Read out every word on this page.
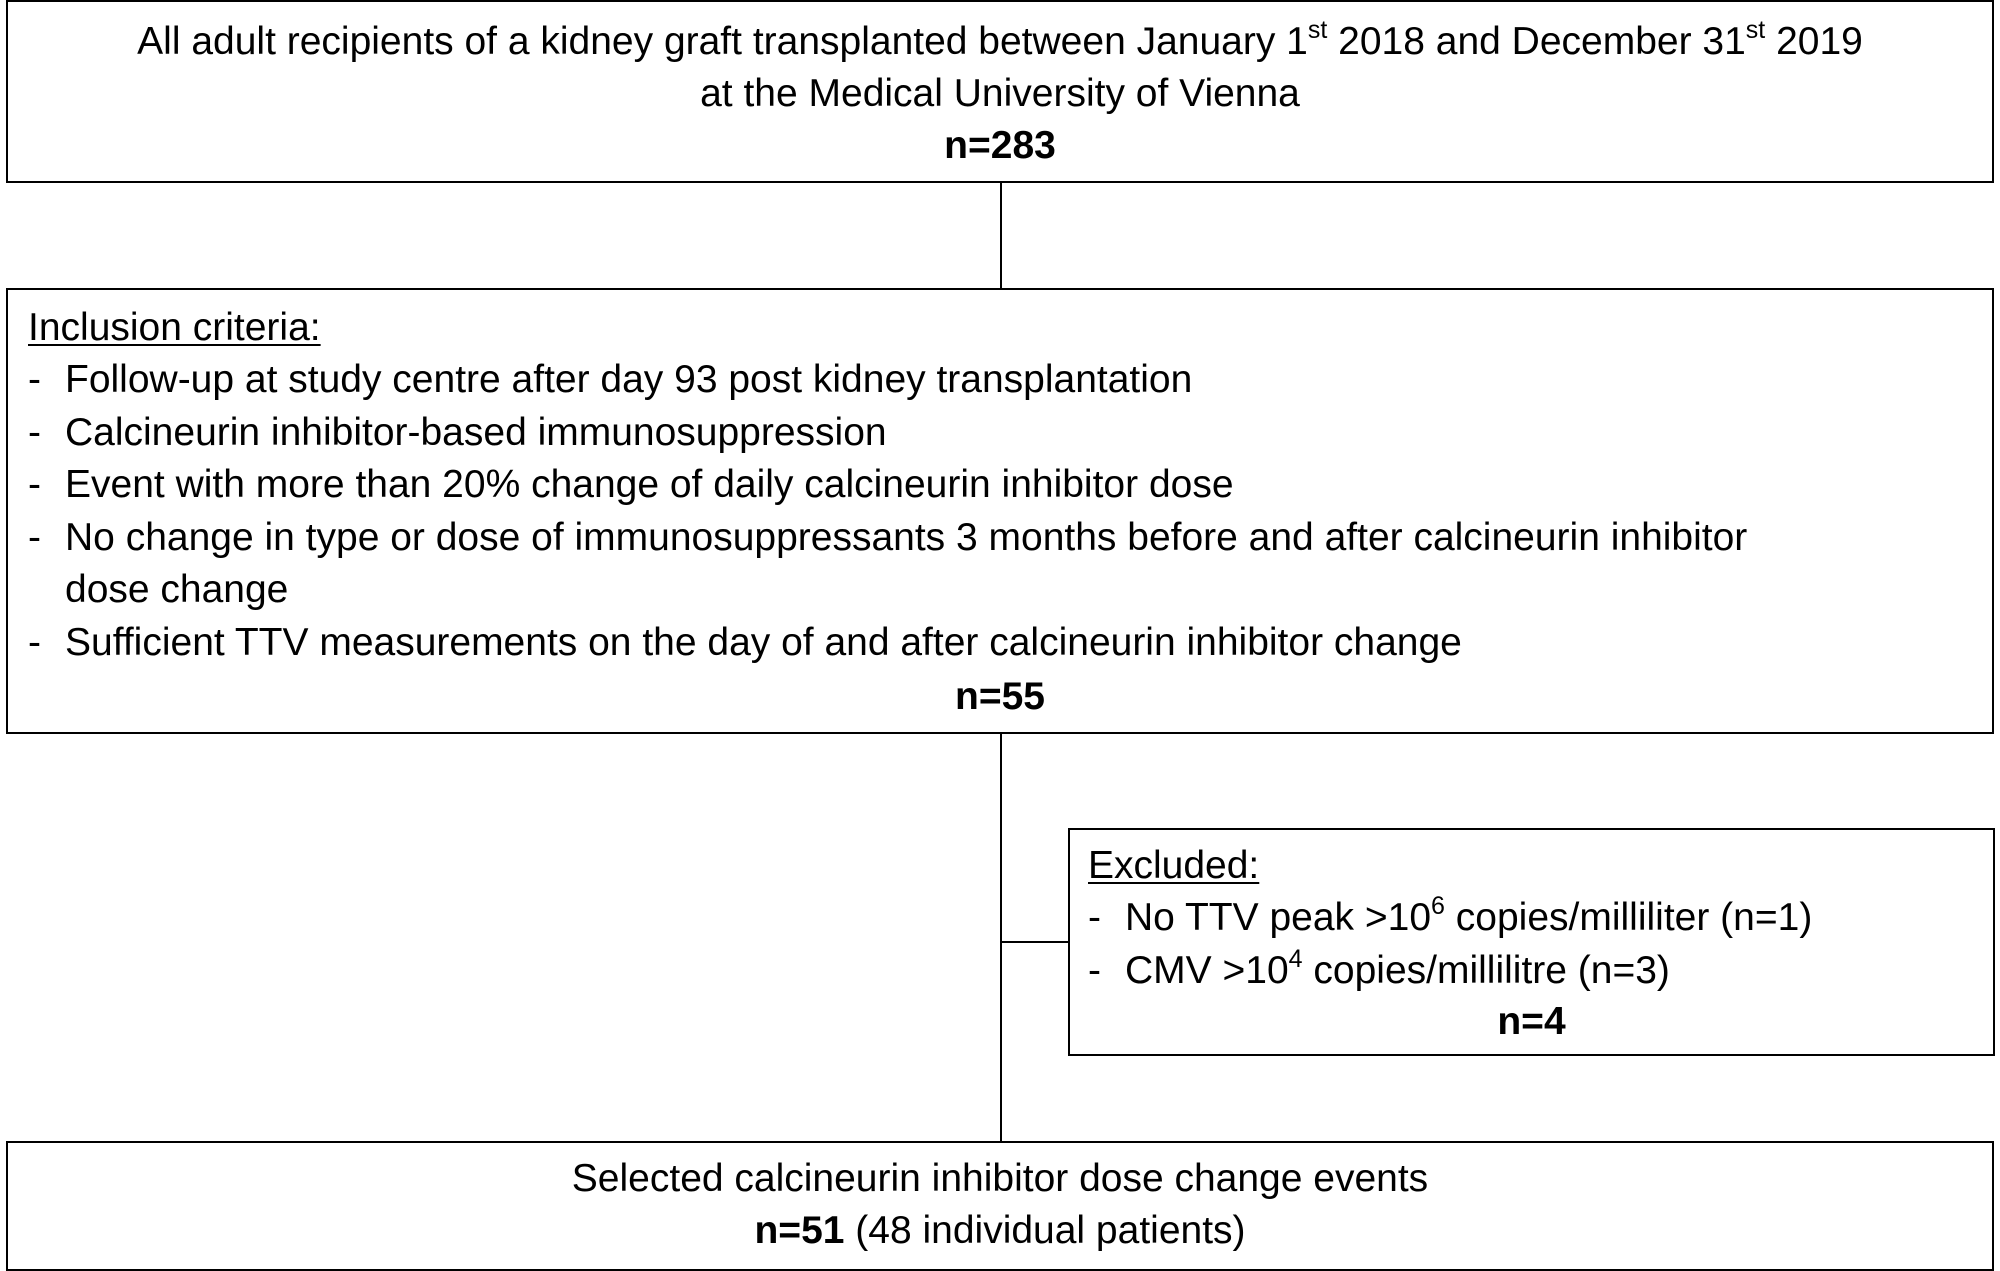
All adult recipients of a kidney graft transplanted between January 1st 2018 and December 31st 2019
at the Medical University of Vienna
n=283
Inclusion criteria:
- Follow-up at study centre after day 93 post kidney transplantation
- Calcineurin inhibitor-based immunosuppression
- Event with more than 20% change of daily calcineurin inhibitor dose
- No change in type or dose of immunosuppressants 3 months before and after calcineurin inhibitor
dose change
- Sufficient TTV measurements on the day of and after calcineurin inhibitor change
n=55
Excluded:
- No TTV peak $>10^6$ copies/milliliter (n=1)
- CMV $>10^4$ copies/millilitre (n=3)
n=4
Selected calcineurin inhibitor dose change events
n=51 (48 individual patients)
